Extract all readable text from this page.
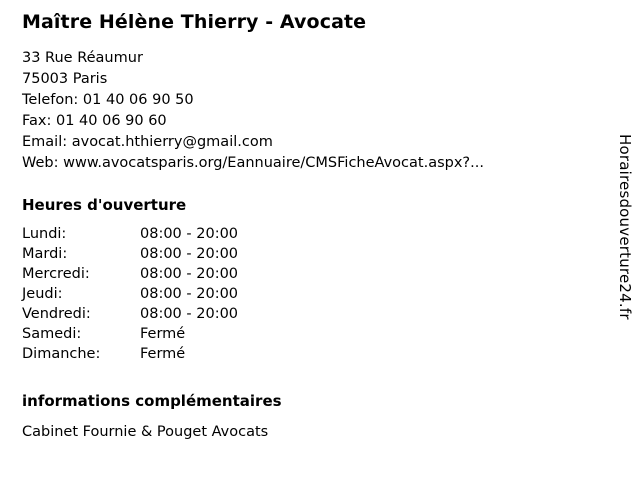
Maître Hélène Thierry - Avocate

33 Rue Réaumur

75003 Paris

Telefon: 01 40 06 90 50

Fax: 01 40 06 90 60

Email: avocat.hthierry@gmail.com

Web: www.avocatsparis.org/Eannuaire/CMSFicheAvocat.aspx?...

Heures d'ouverture
Lundi:	08:00 - 20:00
Mardi:	08:00 - 20:00
Mercredi:	08:00 - 20:00
Jeudi:	08:00 - 20:00
Vendredi:	08:00 - 20:00
Samedi:	Fermé
Dimanche:	Fermé
informations complémentaires

Cabinet Fournie & Pouget Avocats

Horairesdouverture24.fr
